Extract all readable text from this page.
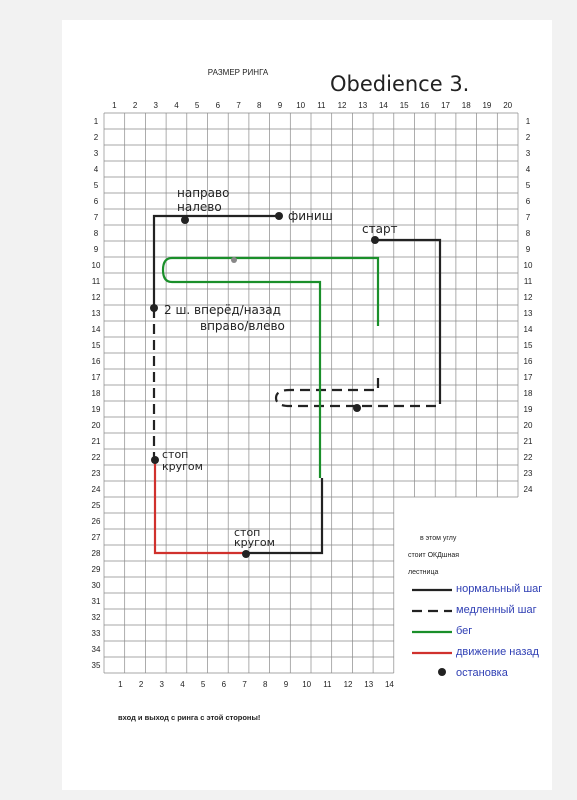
1 2 3 4 5 6 7 8 9 10 11 12 13 14 15 16 17 18 19 20
1
2
3
4
5
6
7
8
9
10
11
12
13
14
15
16
17
18
19
20
21
22
23
24
25
26
27
28
29
30
31
32
33
34
35
1
2
3
4
5
6
7
8
9
10
11
12
13
14
15
16
17
18
19
20
21
22
23
24
1 2 3 4 5 6 7 8 9 10 11 12 13 14
РАЗМЕР РИНГА	Obedience 3.
направо
налево
финиш
старт
2 ш. вперёд/назад
вправо/влево
стоп
кругом
стоп
кругом	в этом углу
стоит ОКДшная
лестница
нормальный шаг
медленный шаг
бег
движение назад
остановка
вход и выход с ринга с этой стороны!
